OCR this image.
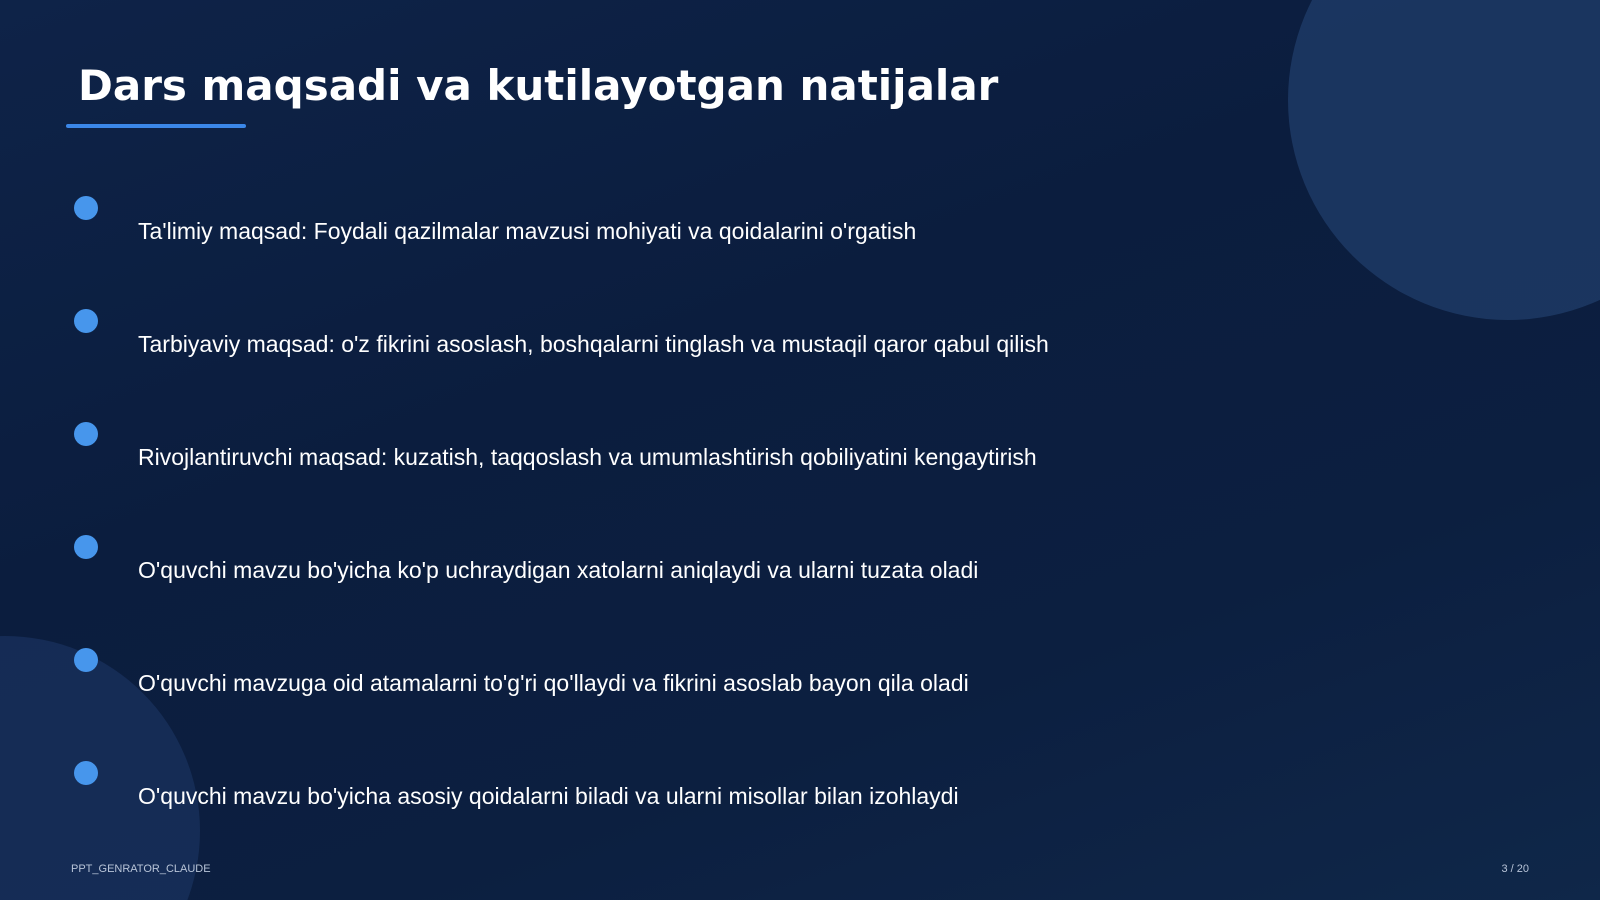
Dars maqsadi va kutilayotgan natijalar
Ta'limiy maqsad: Foydali qazilmalar mavzusi mohiyati va qoidalarini o'rgatish
Tarbiyaviy maqsad: o'z fikrini asoslash, boshqalarni tinglash va mustaqil qaror qabul qilish
Rivojlantiruvchi maqsad: kuzatish, taqqoslash va umumlashtirish qobiliyatini kengaytirish
O'quvchi mavzu bo'yicha ko'p uchraydigan xatolarni aniqlaydi va ularni tuzata oladi
O'quvchi mavzuga oid atamalarni to'g'ri qo'llaydi va fikrini asoslab bayon qila oladi
O'quvchi mavzu bo'yicha asosiy qoidalarni biladi va ularni misollar bilan izohlaydi
PPT_GENRATOR_CLAUDE	3 / 20
